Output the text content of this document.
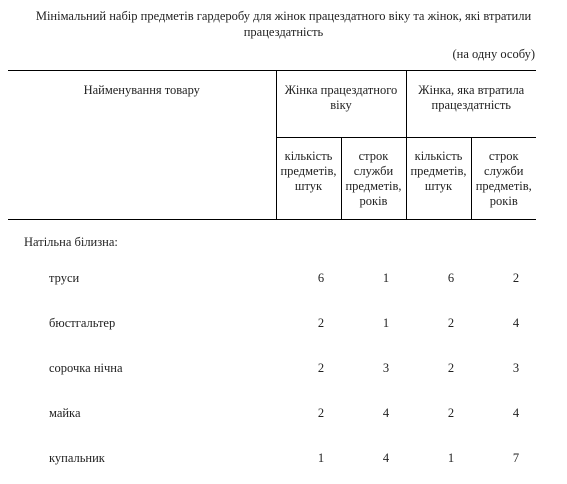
Мінімальний набір предметів гардеробу для жінок працездатного віку та жінок, які втратили працездатність
(на одну особу)
Найменування товару	Жінка працездатного віку		Жінка, яка втратила працездатність	
	кількість предметів, штук	строк служби предметів, років	кількість предметів, штук	строк служби предметів, років
Натільна білизна:
труси	6	1	6	2
бюстгальтер	2	1	2	4
сорочка нічна	2	3	2	3
майка	2	4	2	4
купальник	1	4	1	7
